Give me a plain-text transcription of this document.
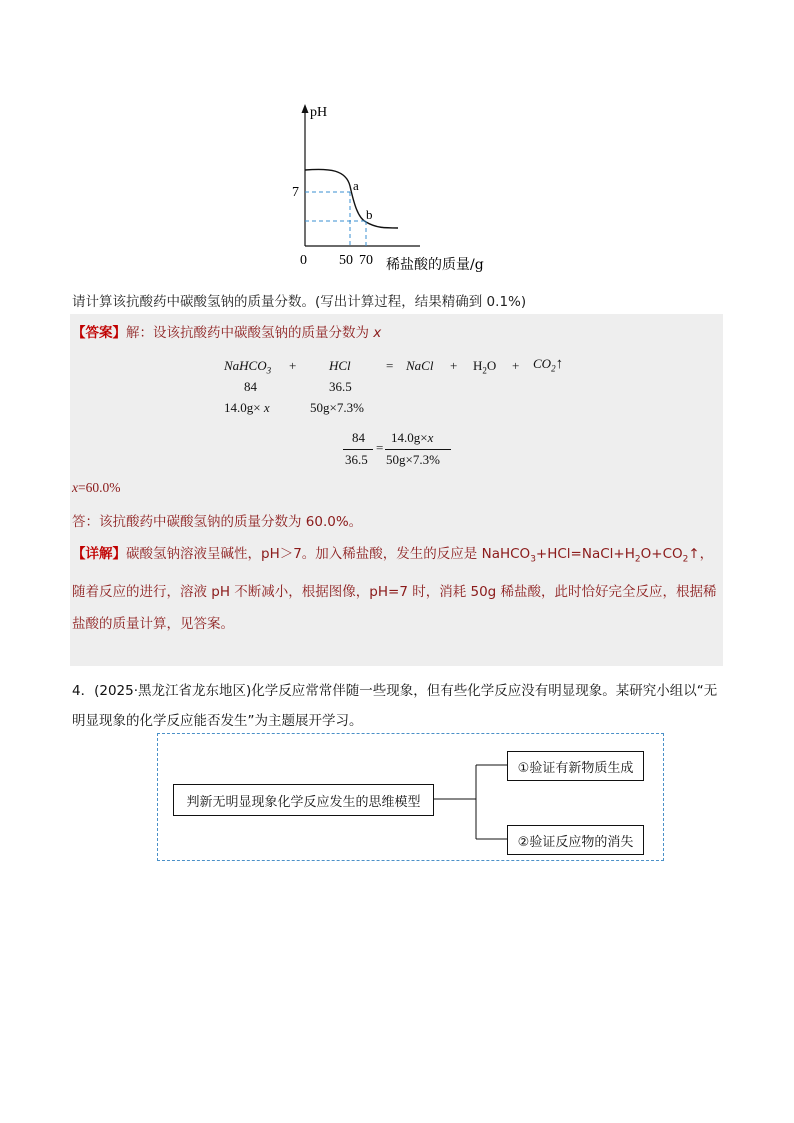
pH
7	a
b
0 50 70 稀盐酸的质量/g
请计算该抗酸药中碳酸氢钠的质量分数。(写出计算过程，结果精确到 0.1%)
【答案】解：设该抗酸药中碳酸氢钠的质量分数为 x
NaHCO$_3$ +	HCl	= NaCl + $H_2O$ + $CO_2↑$
84	36.5
14.0g× x	50g×7.3%
84
36.5
=
14.0g×x
50g×7.3%
x=60.0%
答：该抗酸药中碳酸氢钠的质量分数为 60.0%。
【详解】碳酸氢钠溶液呈碱性，pH＞7。加入稀盐酸，发生的反应是 $NaHCO_3+HCl=NaCl+H_2O+CO_2↑$，随着反应的进行，溶液 pH 不断减小，根据图像，pH=7 时，消耗 50g 稀盐酸，此时恰好完全反应，根据稀盐酸的质量计算，见答案。
4．(2025·黑龙江省龙东地区)化学反应常常伴随一些现象，但有些化学反应没有明显现象。某研究小组以“无明显现象的化学反应能否发生”为主题展开学习。
判新无明显现象化学反应发生的思维模型
①验证有新物质生成
②验证反应物的消失
